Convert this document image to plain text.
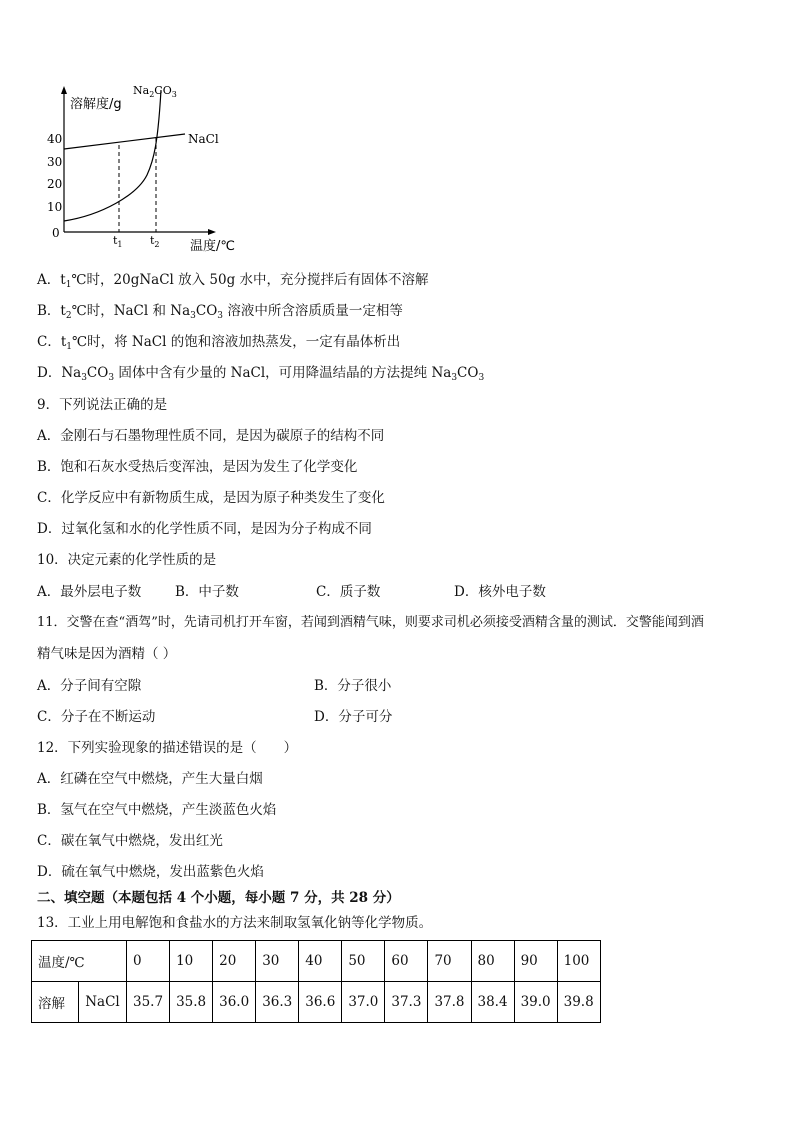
0
10
20
30
40
溶解度/g
温度/℃
$t_1$ $t_2$
NaCl
$Na_2CO_3$
A．$t_1℃$时，20gNaCl 放入 50g 水中，充分搅拌后有固体不溶解
B．$t_2℃$时，NaCl 和 $Na_3CO_3$ 溶液中所含溶质质量一定相等
C．$t_1℃$时，将 NaCl 的饱和溶液加热蒸发，一定有晶体析出
D．$Na_3CO_3$ 固体中含有少量的 NaCl，可用降温结晶的方法提纯 $Na_3CO_3$
9．下列说法正确的是
A．金刚石与石墨物理性质不同，是因为碳原子的结构不同
B．饱和石灰水受热后变浑浊，是因为发生了化学变化
C．化学反应中有新物质生成，是因为原子种类发生了变化
D．过氧化氢和水的化学性质不同，是因为分子构成不同
10．决定元素的化学性质的是
A．最外层电子数	B．中子数	C．质子数	D．核外电子数
11．交警在查“酒驾”时，先请司机打开车窗，若闻到酒精气味，则要求司机必须接受酒精含量的测试．交警能闻到酒
精气味是因为酒精（ ）
A．分子间有空隙	B．分子很小
C．分子在不断运动	D．分子可分
12．下列实验现象的描述错误的是（　　）
A．红磷在空气中燃烧，产生大量白烟
B．氢气在空气中燃烧，产生淡蓝色火焰
C．碳在氧气中燃烧，发出红光
D．硫在氧气中燃烧，发出蓝紫色火焰
二、填空题（本题包括 4 个小题，每小题 7 分，共 28 分）
13．工业上用电解饱和食盐水的方法来制取氢氧化钠等化学物质。
温度/℃		0	10	20	30	40	50	60	70	80	90	100
溶解	NaCl	35.7	35.8	36.0	36.3	36.6	37.0	37.3	37.8	38.4	39.0	39.8
